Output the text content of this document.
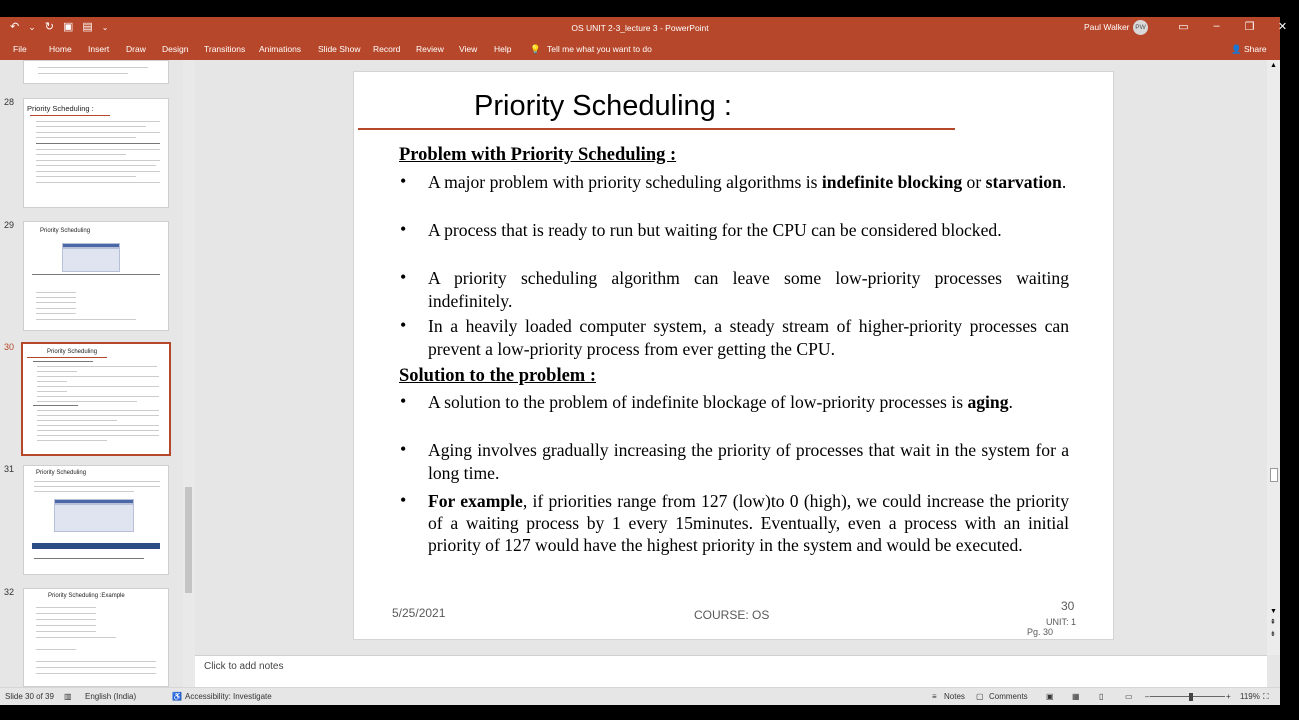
↶ ⌄ ↻ ▣ ▤ ⌄	OS UNIT 2-3_lecture 3 - PowerPoint	Paul Walker PW	▭	–	❐	✕
File	Home Insert Draw Design Transitions Animations Slide Show Record Review View Help 💡 Tell me what you want to do	👤 Share
28
Priority Scheduling :
29
Priority Scheduling
30	Priority Scheduling
31	Priority Scheduling
32	Priority Scheduling :Example
▲
▼
⇞
⇟
Priority Scheduling :
Problem with Priority Scheduling :
• A major problem with priority scheduling algorithms is indefinite blocking or starvation.
• A process that is ready to run but waiting for the CPU can be considered blocked.
• A priority scheduling algorithm can leave some low-priority processes waiting indefinitely.
• In a heavily loaded computer system, a steady stream of higher-priority processes can prevent a low-priority process from ever getting the CPU.
Solution to the problem :
• A solution to the problem of indefinite blockage of low-priority processes is aging.
• Aging involves gradually increasing the priority of processes that wait in the system for a long time.
• For example, if priorities range from 127 (low)to 0 (high), we could increase the priority of a waiting process by 1 every 15minutes. Eventually, even a process with an initial priority of 127 would have the highest priority in the system and would be executed.
5/25/2021	COURSE: OS
30
UNIT: 1
Pg. 30
Click to add notes
Slide 30 of 39 ▥ English (India)	♿ Accessibility: Investigate	≡ Notes ▢ Comments ▣ ▦ ▯	▭ –	+ 119% ⛶
